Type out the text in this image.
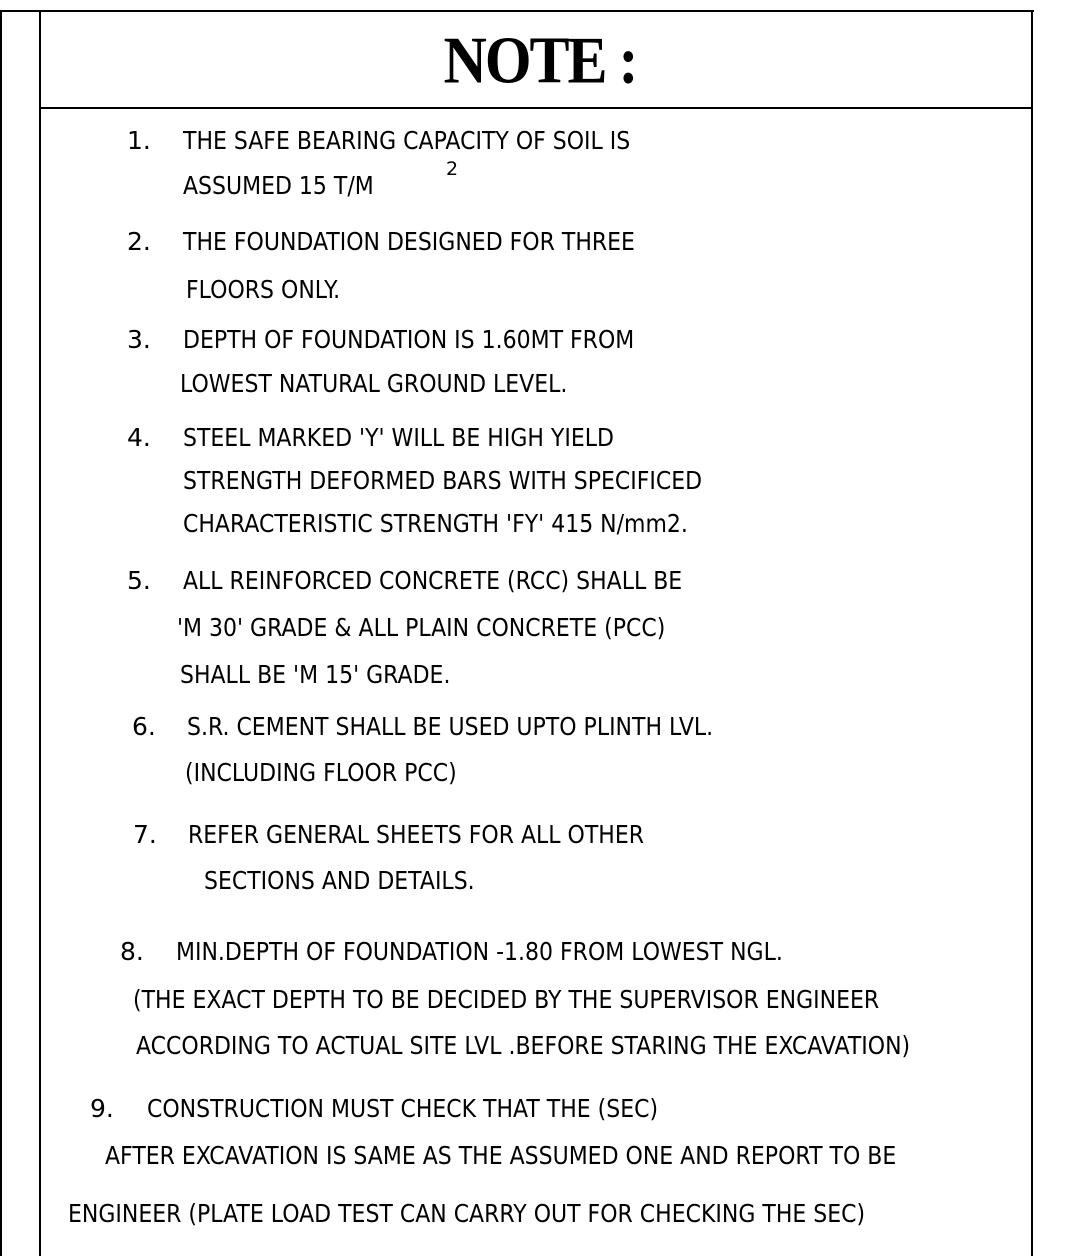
NOTE :
1. THE SAFE BEARING CAPACITY OF SOIL IS
ASSUMED 15 T/M
2
2. THE FOUNDATION DESIGNED FOR THREE
FLOORS ONLY.
3. DEPTH OF FOUNDATION IS 1.60MT FROM
LOWEST NATURAL GROUND LEVEL.
4. STEEL MARKED 'Y' WILL BE HIGH YIELD
STRENGTH DEFORMED BARS WITH SPECIFICED
CHARACTERISTIC STRENGTH 'FY' 415 N/mm2.
5. ALL REINFORCED CONCRETE (RCC) SHALL BE
'M 30' GRADE & ALL PLAIN CONCRETE (PCC)
SHALL BE 'M 15' GRADE.
6. S.R. CEMENT SHALL BE USED UPTO PLINTH LVL.
(INCLUDING FLOOR PCC)
7. REFER GENERAL SHEETS FOR ALL OTHER
SECTIONS AND DETAILS.
8. MIN.DEPTH OF FOUNDATION -1.80 FROM LOWEST NGL.
(THE EXACT DEPTH TO BE DECIDED BY THE SUPERVISOR ENGINEER
ACCORDING TO ACTUAL SITE LVL .BEFORE STARING THE EXCAVATION)
9. CONSTRUCTION MUST CHECK THAT THE (SEC)
AFTER EXCAVATION IS SAME AS THE ASSUMED ONE AND REPORT TO BE
ENGINEER (PLATE LOAD TEST CAN CARRY OUT FOR CHECKING THE SEC)
